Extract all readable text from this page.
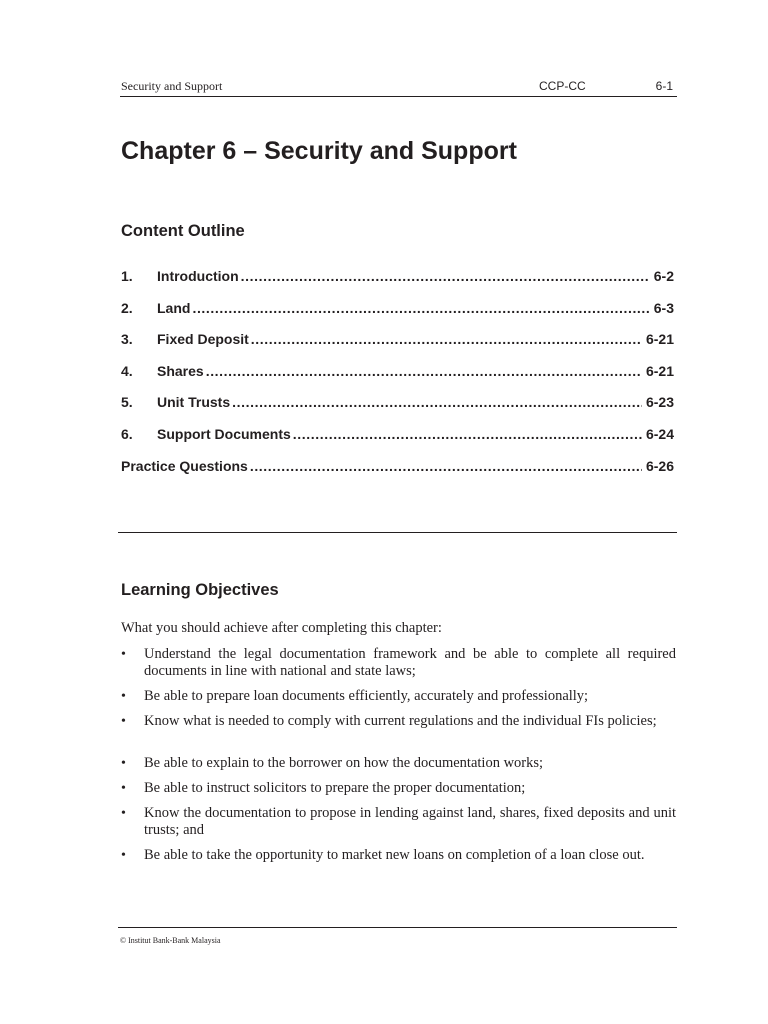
Security and Support	CCP-CC	6-1
Chapter 6 – Security and Support
Content Outline
1.	Introduction .....	6-2
2.	Land .....	6-3
3.	Fixed Deposit .....	6-21
4.	Shares .....	6-21
5.	Unit Trusts .....	6-23
6.	Support Documents .....	6-24
Practice Questions .....	6-26
Learning Objectives

What you should achieve after completing this chapter:

• Understand the legal documentation framework and be able to complete all required documents in line with national and state laws;
• Be able to prepare loan documents efficiently, accurately and professionally;
• Know what is needed to comply with current regulations and the individual FIs policies;
• Be able to explain to the borrower on how the documentation works;
• Be able to instruct solicitors to prepare the proper documentation;
• Know the documentation to propose in lending against land, shares, fixed deposits and unit trusts; and
• Be able to take the opportunity to market new loans on completion of a loan close out.
© Institut Bank-Bank Malaysia
